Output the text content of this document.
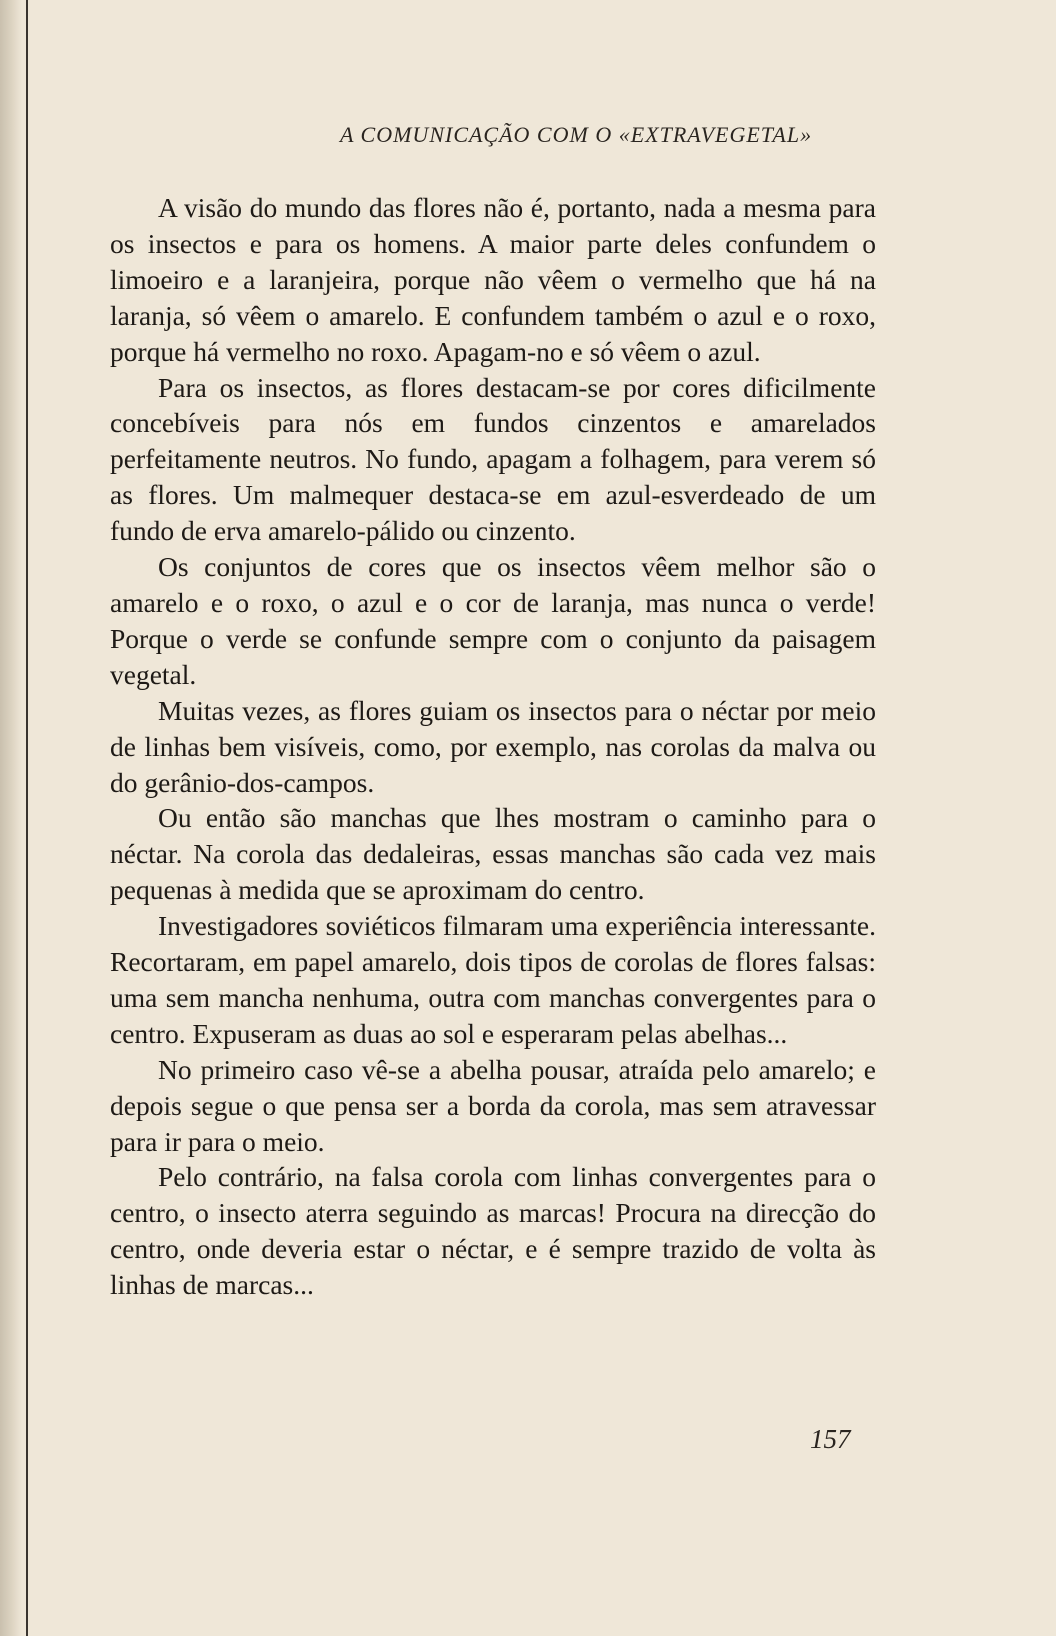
A COMUNICAÇÃO COM O «EXTRAVEGETAL»

A visão do mundo das flores não é, portanto, nada a mesma para os insectos e para os homens. A maior parte deles confundem o limoeiro e a laranjeira, porque não vêem o vermelho que há na laranja, só vêem o amarelo. E confundem também o azul e o roxo, porque há vermelho no roxo. Apagam-no e só vêem o azul.

Para os insectos, as flores destacam-se por cores dificilmente concebíveis para nós em fundos cinzentos e amarelados perfeitamente neutros. No fundo, apagam a folhagem, para verem só as flores. Um malmequer destaca-se em azul-esverdeado de um fundo de erva amarelo-pálido ou cinzento.

Os conjuntos de cores que os insectos vêem melhor são o amarelo e o roxo, o azul e o cor de laranja, mas nunca o verde! Porque o verde se confunde sempre com o conjunto da paisagem vegetal.

Muitas vezes, as flores guiam os insectos para o néctar por meio de linhas bem visíveis, como, por exemplo, nas corolas da malva ou do gerânio-dos-campos.

Ou então são manchas que lhes mostram o caminho para o néctar. Na corola das dedaleiras, essas manchas são cada vez mais pequenas à medida que se aproximam do centro.

Investigadores soviéticos filmaram uma experiência interessante. Recortaram, em papel amarelo, dois tipos de corolas de flores falsas: uma sem mancha nenhuma, outra com manchas convergentes para o centro. Expuseram as duas ao sol e esperaram pelas abelhas...

No primeiro caso vê-se a abelha pousar, atraída pelo amarelo; e depois segue o que pensa ser a borda da corola, mas sem atravessar para ir para o meio.

Pelo contrário, na falsa corola com linhas convergentes para o centro, o insecto aterra seguindo as marcas! Procura na direcção do centro, onde deveria estar o néctar, e é sempre trazido de volta às linhas de marcas...

157
